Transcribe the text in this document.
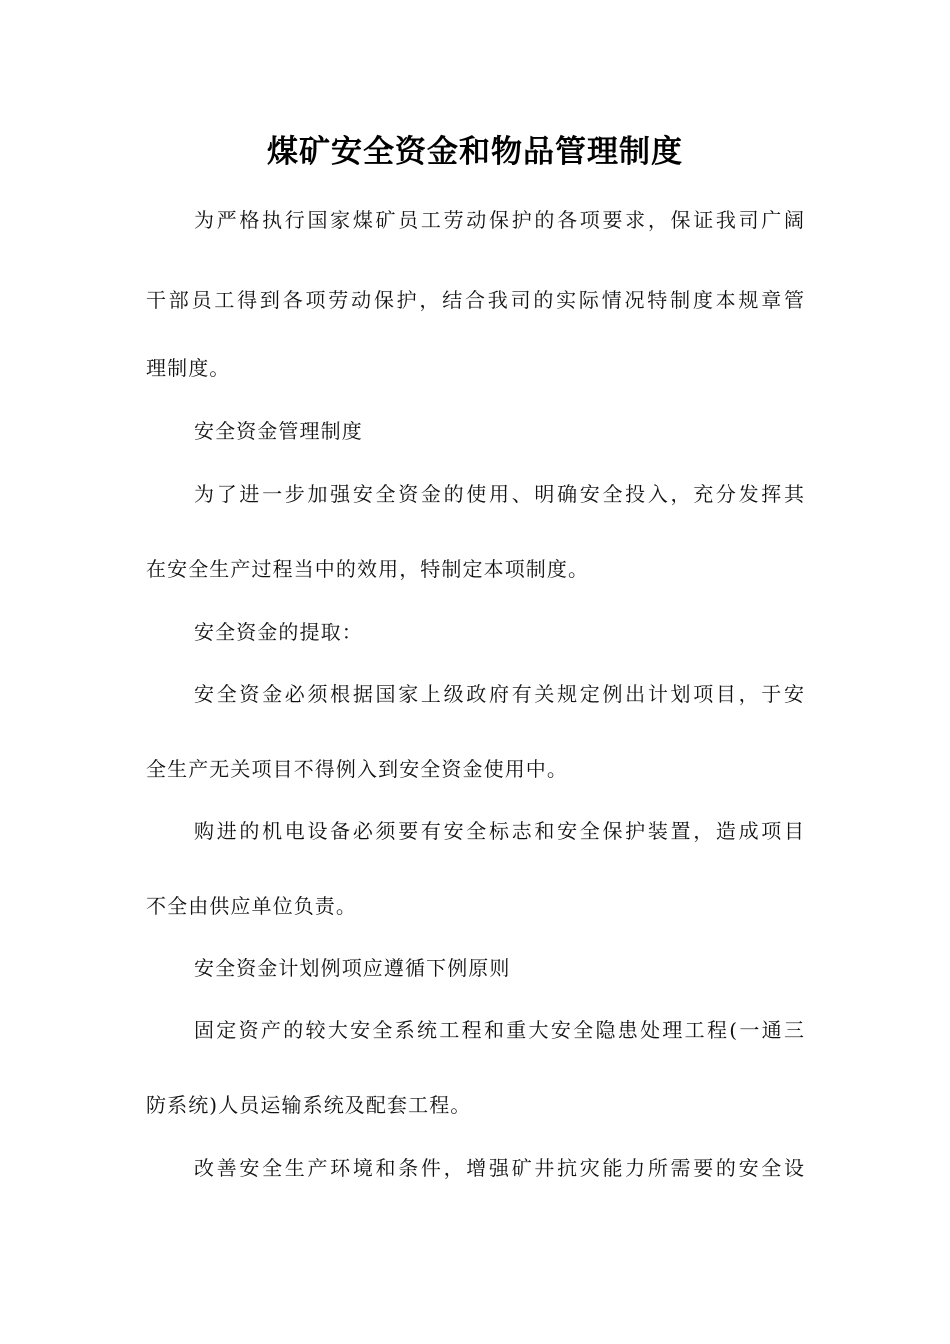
煤矿安全资金和物品管理制度
为严格执行国家煤矿员工劳动保护的各项要求，保证我司广阔
干部员工得到各项劳动保护，结合我司的实际情况特制度本规章管
理制度。
安全资金管理制度
为了进一步加强安全资金的使用、明确安全投入，充分发挥其
在安全生产过程当中的效用，特制定本项制度。
安全资金的提取：
安全资金必须根据国家上级政府有关规定例出计划项目，于安
全生产无关项目不得例入到安全资金使用中。
购进的机电设备必须要有安全标志和安全保护装置，造成项目
不全由供应单位负责。
安全资金计划例项应遵循下例原则
固定资产的较大安全系统工程和重大安全隐患处理工程(一通三
防系统)人员运输系统及配套工程。
改善安全生产环境和条件，增强矿井抗灾能力所需要的安全设
